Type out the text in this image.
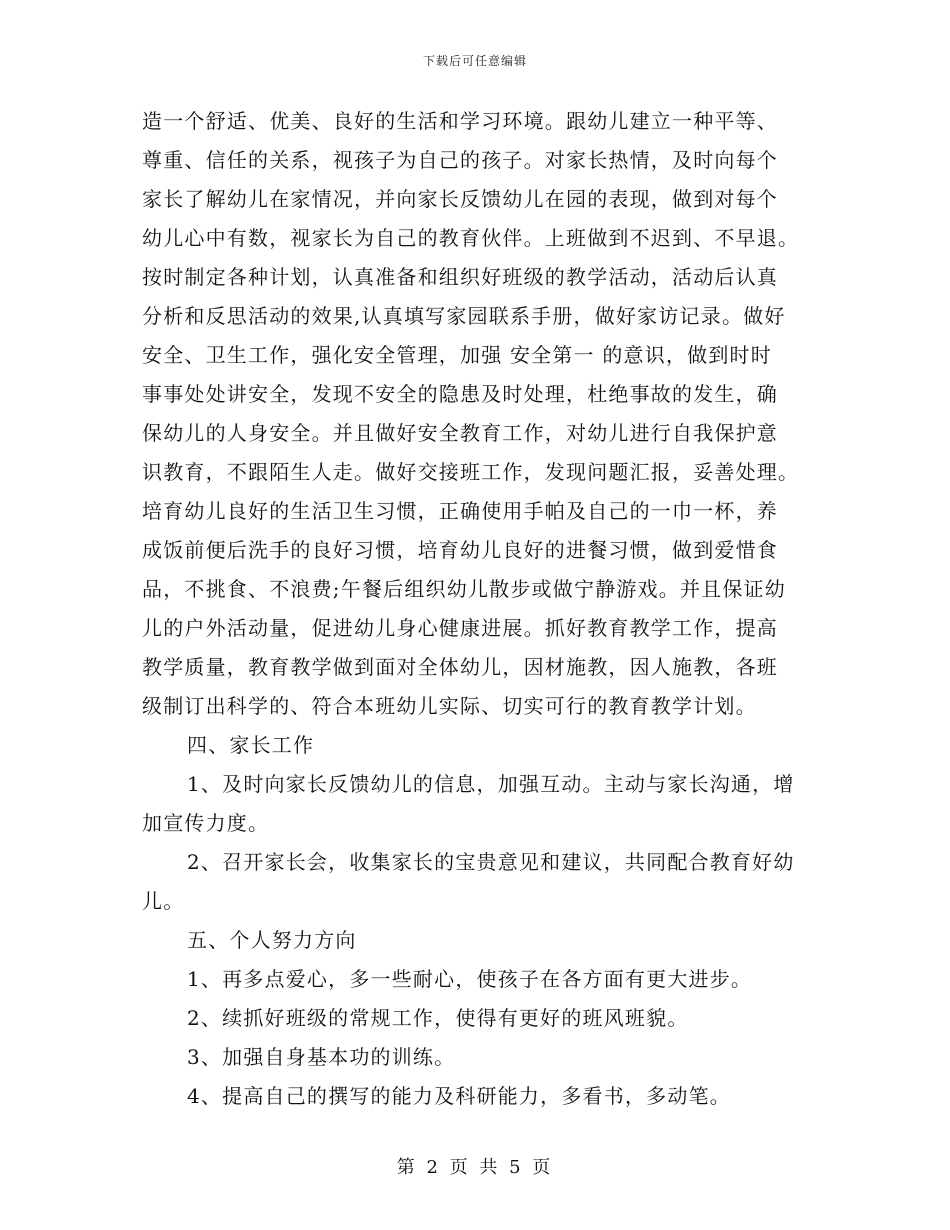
下载后可任意编辑
造一个舒适、优美、良好的生活和学习环境。跟幼儿建立一种平等、
尊重、信任的关系，视孩子为自己的孩子。对家长热情，及时向每个
家长了解幼儿在家情况，并向家长反馈幼儿在园的表现，做到对每个
幼儿心中有数，视家长为自己的教育伙伴。上班做到不迟到、不早退。
按时制定各种计划，认真准备和组织好班级的教学活动，活动后认真
分析和反思活动的效果,认真填写家园联系手册，做好家访记录。做好
安全、卫生工作，强化安全管理，加强 安全第一 的意识，做到时时
事事处处讲安全，发现不安全的隐患及时处理，杜绝事故的发生，确
保幼儿的人身安全。并且做好安全教育工作，对幼儿进行自我保护意
识教育，不跟陌生人走。做好交接班工作，发现问题汇报，妥善处理。
培育幼儿良好的生活卫生习惯，正确使用手帕及自己的一巾一杯，养
成饭前便后洗手的良好习惯，培育幼儿良好的进餐习惯，做到爱惜食
品，不挑食、不浪费;午餐后组织幼儿散步或做宁静游戏。并且保证幼
儿的户外活动量，促进幼儿身心健康进展。抓好教育教学工作，提高
教学质量，教育教学做到面对全体幼儿，因材施教，因人施教，各班
级制订出科学的、符合本班幼儿实际、切实可行的教育教学计划。
四、家长工作
1、及时向家长反馈幼儿的信息，加强互动。主动与家长沟通，增
加宣传力度。
2、召开家长会，收集家长的宝贵意见和建议，共同配合教育好幼
儿。
五、个人努力方向
1、再多点爱心，多一些耐心，使孩子在各方面有更大进步。
2、续抓好班级的常规工作，使得有更好的班风班貌。
3、加强自身基本功的训练。
4、提高自己的撰写的能力及科研能力，多看书，多动笔。
第 2 页 共 5 页
